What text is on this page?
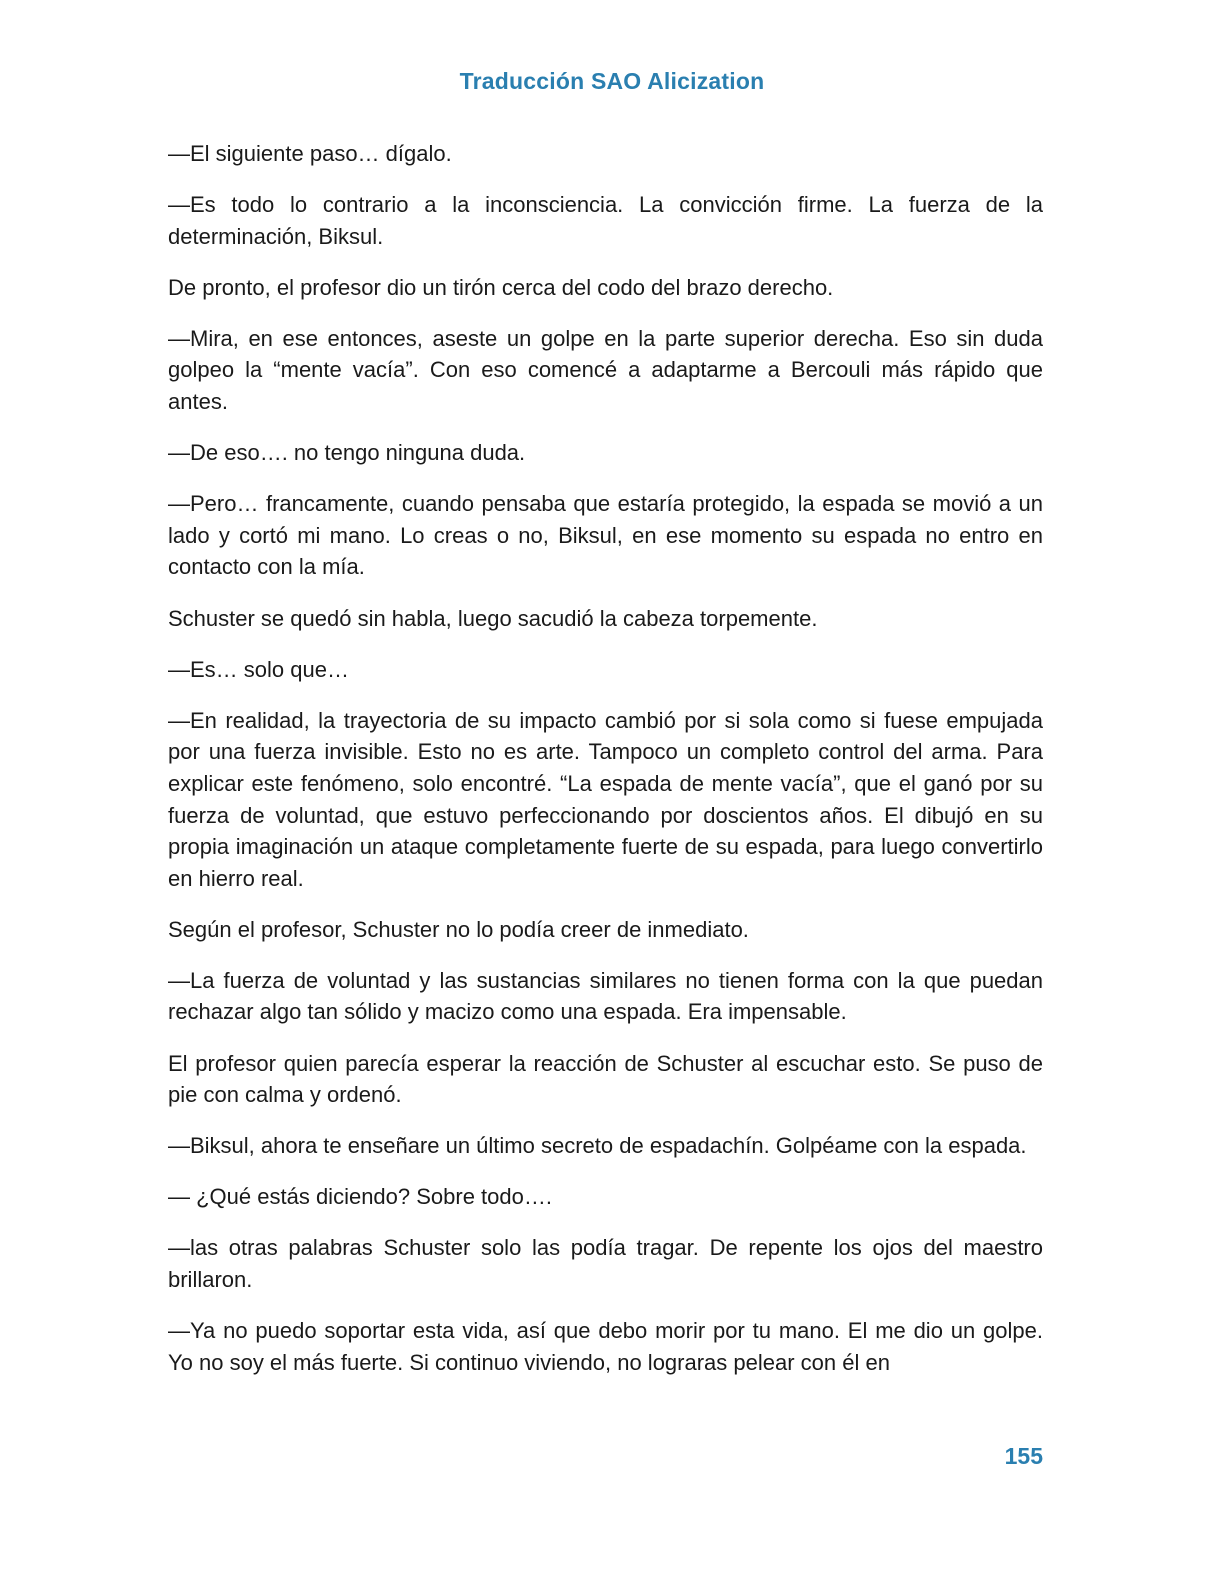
Traducción SAO Alicization

—El siguiente paso… dígalo.

—Es todo lo contrario a la inconsciencia. La convicción firme. La fuerza de la determinación, Biksul.

De pronto, el profesor dio un tirón cerca del codo del brazo derecho.

—Mira, en ese entonces, aseste un golpe en la parte superior derecha. Eso sin duda golpeo la “mente vacía”. Con eso comencé a adaptarme a Bercouli más rápido que antes.

—De eso…. no tengo ninguna duda.

—Pero… francamente, cuando pensaba que estaría protegido, la espada se movió a un lado y cortó mi mano. Lo creas o no, Biksul, en ese momento su espada no entro en contacto con la mía.

Schuster se quedó sin habla, luego sacudió la cabeza torpemente.

—Es… solo que…

—En realidad, la trayectoria de su impacto cambió por si sola como si fuese empujada por una fuerza invisible. Esto no es arte. Tampoco un completo control del arma. Para explicar este fenómeno, solo encontré. “La espada de mente vacía”, que el ganó por su fuerza de voluntad, que estuvo perfeccionando por doscientos años. El dibujó en su propia imaginación un ataque completamente fuerte de su espada, para luego convertirlo en hierro real.

Según el profesor, Schuster no lo podía creer de inmediato.

—La fuerza de voluntad y las sustancias similares no tienen forma con la que puedan rechazar algo tan sólido y macizo como una espada. Era impensable.

El profesor quien parecía esperar la reacción de Schuster al escuchar esto. Se puso de pie con calma y ordenó.

—Biksul, ahora te enseñare un último secreto de espadachín. Golpéame con la espada.

— ¿Qué estás diciendo? Sobre todo….

—las otras palabras Schuster solo las podía tragar. De repente los ojos del maestro brillaron.

—Ya no puedo soportar esta vida, así que debo morir por tu mano. El me dio un golpe. Yo no soy el más fuerte. Si continuo viviendo, no lograras pelear con él en

155
